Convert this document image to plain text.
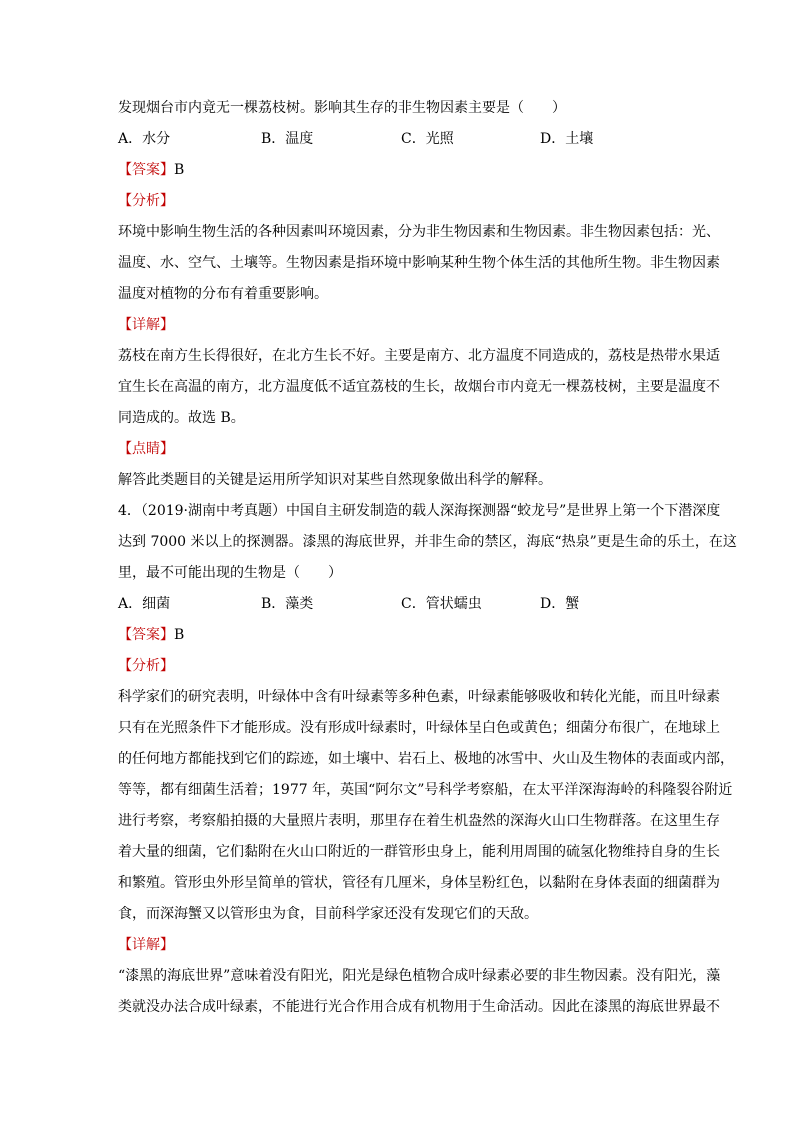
发现烟台市内竟无一棵荔枝树。影响其生存的非生物因素主要是（　　）
A．水分	B．温度	C．光照	D．土壤
【答案】B
【分析】
环境中影响生物生活的各种因素叫环境因素，分为非生物因素和生物因素。非生物因素包括：光、
温度、水、空气、土壤等。生物因素是指环境中影响某种生物个体生活的其他所生物。非生物因素
温度对植物的分布有着重要影响。
【详解】
荔枝在南方生长得很好，在北方生长不好。主要是南方、北方温度不同造成的，荔枝是热带水果适
宜生长在高温的南方，北方温度低不适宜荔枝的生长，故烟台市内竟无一棵荔枝树，主要是温度不
同造成的。故选 B。
【点睛】
解答此类题目的关键是运用所学知识对某些自然现象做出科学的解释。
4．（2019·湖南中考真题）中国自主研发制造的载人深海探测器“蛟龙号”是世界上第一个下潜深度
达到 7000 米以上的探测器。漆黑的海底世界，并非生命的禁区，海底“热泉”更是生命的乐土，在这
里，最不可能出现的生物是（　　）
A．细菌	B．藻类	C．管状蠕虫	D．蟹
【答案】B
【分析】
科学家们的研究表明，叶绿体中含有叶绿素等多种色素，叶绿素能够吸收和转化光能，而且叶绿素
只有在光照条件下才能形成。没有形成叶绿素时，叶绿体呈白色或黄色；细菌分布很广，在地球上
的任何地方都能找到它们的踪迹，如土壤中、岩石上、极地的冰雪中、火山及生物体的表面或内部，
等等，都有细菌生活着；1977 年，英国“阿尔文”号科学考察船，在太平洋深海海岭的科隆裂谷附近
进行考察，考察船拍摄的大量照片表明，那里存在着生机盎然的深海火山口生物群落。在这里生存
着大量的细菌，它们黏附在火山口附近的一群管形虫身上，能利用周围的硫氢化物维持自身的生长
和繁殖。管形虫外形呈简单的管状，管径有几厘米，身体呈粉红色，以黏附在身体表面的细菌群为
食，而深海蟹又以管形虫为食，目前科学家还没有发现它们的天敌。
【详解】
“漆黑的海底世界”意味着没有阳光，阳光是绿色植物合成叶绿素必要的非生物因素。没有阳光，藻
类就没办法合成叶绿素，不能进行光合作用合成有机物用于生命活动。因此在漆黑的海底世界最不
